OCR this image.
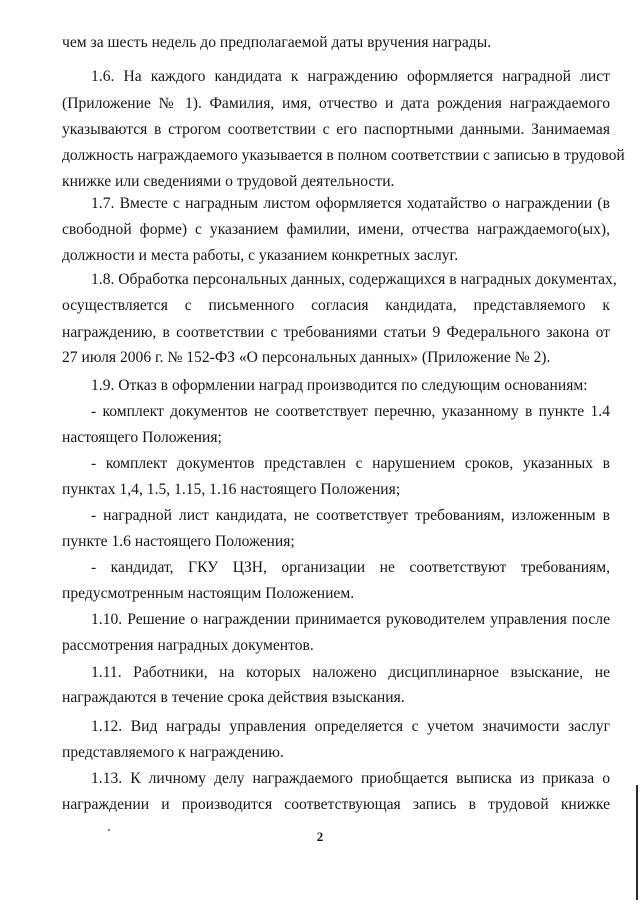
чем за шесть недель до предполагаемой даты вручения награды.
1.6. На каждого кандидата к награждению оформляется наградной лист
(Приложение № 1). Фамилия, имя, отчество и дата рождения награждаемого
указываются в строгом соответствии с его паспортными данными. Занимаемая
должность награждаемого указывается в полном соответствии с записью в трудовой
книжке или сведениями о трудовой деятельности.
1.7. Вместе с наградным листом оформляется ходатайство о награждении (в
свободной форме) с указанием фамилии, имени, отчества награждаемого(ых),
должности и места работы, с указанием конкретных заслуг.
1.8. Обработка персональных данных, содержащихся в наградных документах,
осуществляется с письменного согласия кандидата, представляемого к
награждению, в соответствии с требованиями статьи 9 Федерального закона от
27 июля 2006 г. № 152-ФЗ «О персональных данных» (Приложение № 2).
1.9. Отказ в оформлении наград производится по следующим основаниям:
- комплект документов не соответствует перечню, указанному в пункте 1.4
настоящего Положения;
- комплект документов представлен с нарушением сроков, указанных в
пунктах 1,4, 1.5, 1.15, 1.16 настоящего Положения;
- наградной лист кандидата, не соответствует требованиям, изложенным в
пункте 1.6 настоящего Положения;
- кандидат, ГКУ ЦЗН, организации не соответствуют требованиям,
предусмотренным настоящим Положением.
1.10. Решение о награждении принимается руководителем управления после
рассмотрения наградных документов.
1.11. Работники, на которых наложено дисциплинарное взыскание, не
награждаются в течение срока действия взыскания.
1.12. Вид награды управления определяется с учетом значимости заслуг
представляемого к награждению.
1.13. К личному делу награждаемого приобщается выписка из приказа о
награждении и производится соответствующая запись в трудовой книжке
2
